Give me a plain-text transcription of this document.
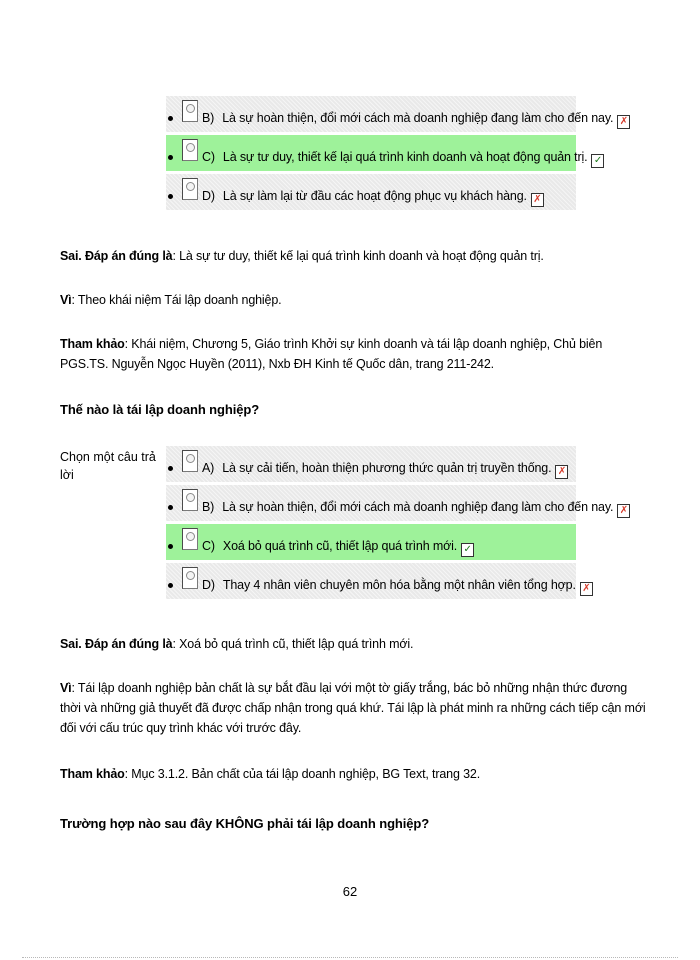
B) Là sự hoàn thiện, đổi mới cách mà doanh nghiệp đang làm cho đến nay. ✗
C) Là sự tư duy, thiết kế lại quá trình kinh doanh và hoạt động quản trị. ✓
D) Là sự làm lại từ đầu các hoạt động phục vụ khách hàng. ✗
Sai. Đáp án đúng là: Là sự tư duy, thiết kế lại quá trình kinh doanh và hoạt động quản trị.
Vì: Theo khái niệm Tái lập doanh nghiệp.
Tham khảo: Khái niệm, Chương 5, Giáo trình Khởi sự kinh doanh và tái lập doanh nghiệp, Chủ biên PGS.TS. Nguyễn Ngọc Huyền (2011), Nxb ĐH Kinh tế Quốc dân, trang 211-242.
Thế nào là tái lập doanh nghiệp?
Chọn một câu trả lời	A) Là sự cải tiến, hoàn thiện phương thức quản trị truyền thống. ✗
B) Là sự hoàn thiện, đổi mới cách mà doanh nghiệp đang làm cho đến nay. ✗
C) Xoá bỏ quá trình cũ, thiết lập quá trình mới. ✓
D) Thay 4 nhân viên chuyên môn hóa bằng một nhân viên tổng hợp. ✗
Sai. Đáp án đúng là: Xoá bỏ quá trình cũ, thiết lập quá trình mới.
Vì: Tái lập doanh nghiệp bản chất là sự bắt đầu lại với một tờ giấy trắng, bác bỏ những nhận thức đương thời và những giả thuyết đã được chấp nhận trong quá khứ. Tái lập là phát minh ra những cách tiếp cận mới đối với cấu trúc quy trình khác với trước đây.
Tham khảo: Mục 3.1.2. Bản chất của tái lập doanh nghiệp, BG Text, trang 32.
Trường hợp nào sau đây KHÔNG phải tái lập doanh nghiệp?
62
